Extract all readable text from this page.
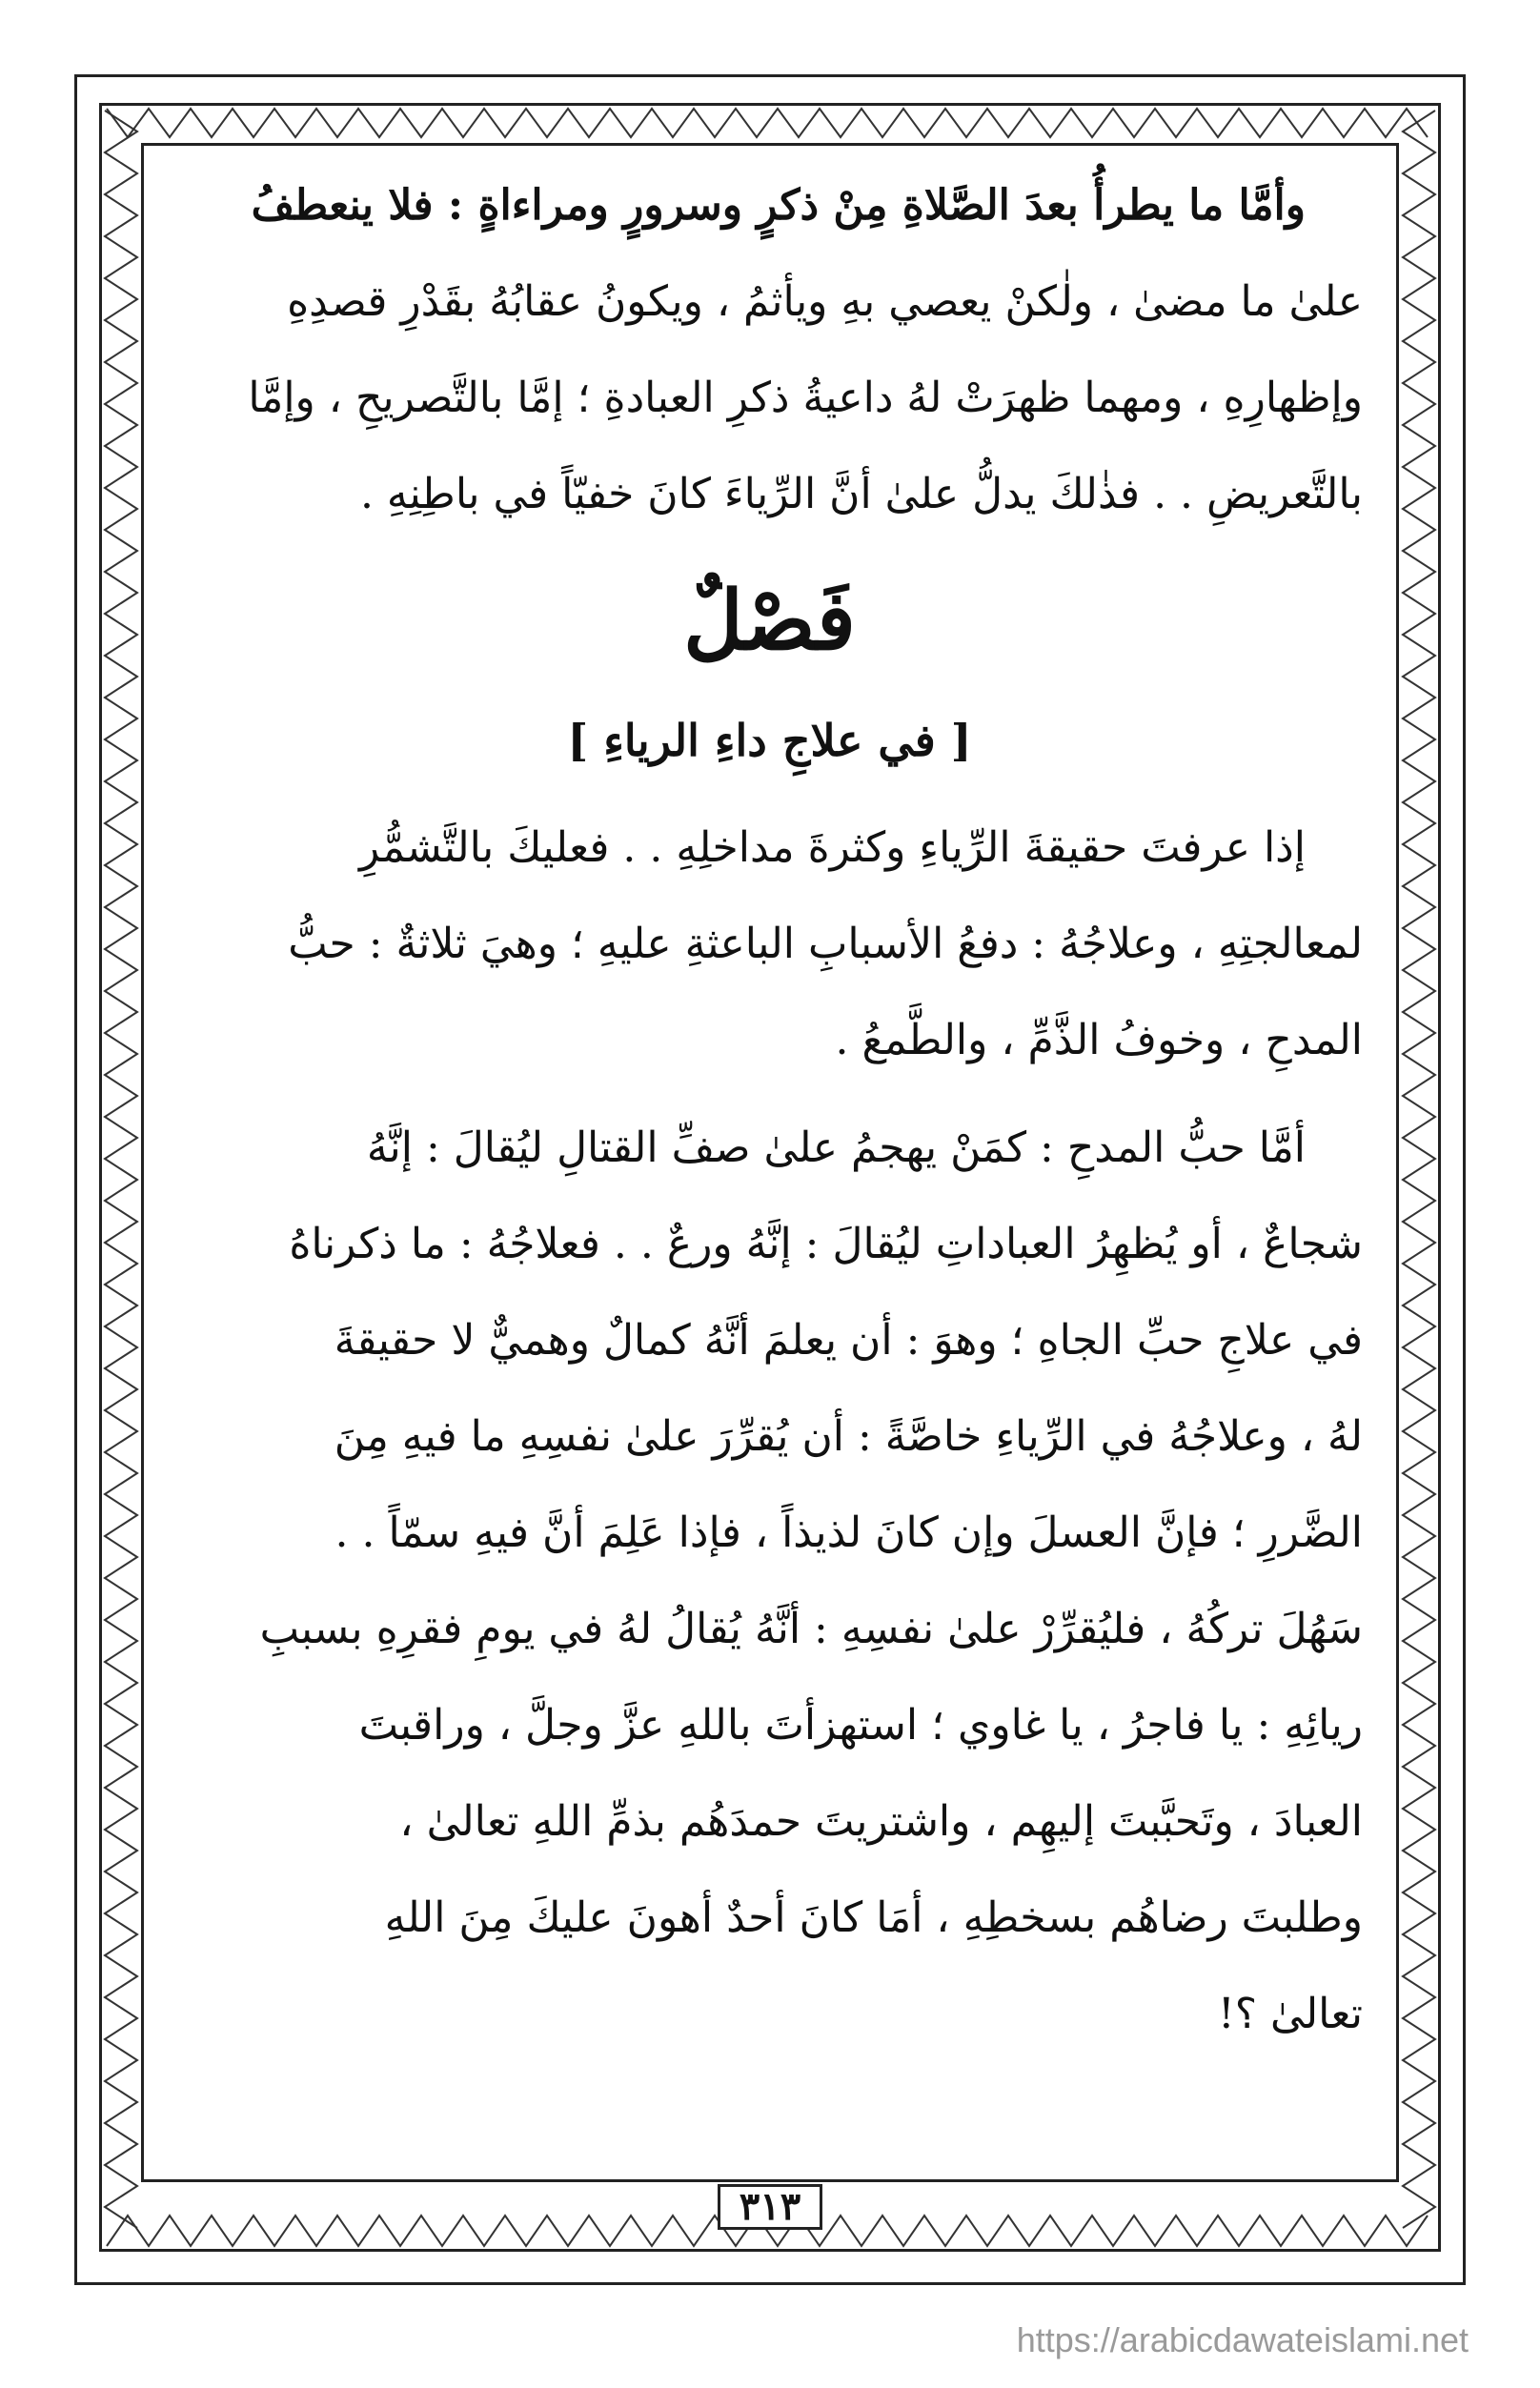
وأمَّا ما يطرأُ بعدَ الصَّلاةِ مِنْ ذكرٍ وسرورٍ ومراءاةٍ : فلا ينعطفُ

علىٰ ما مضىٰ ، ولٰكنْ يعصي بهِ ويأثمُ ، ويكونُ عقابُهُ بقَدْرِ قصدِهِ

وإظهارِهِ ، ومهما ظهرَتْ لهُ داعيةُ ذكرِ العبادةِ ؛ إمَّا بالتَّصريحِ ، وإمَّا

بالتَّعريضِ . . فذٰلكَ يدلُّ علىٰ أنَّ الرِّياءَ كانَ خفيّاً في باطِنِهِ .

فَصْلٌ

[ في علاجِ داءِ الرياءِ ]

إذا عرفتَ حقيقةَ الرِّياءِ وكثرةَ مداخلِهِ . . فعليكَ بالتَّشمُّرِ

لمعالجتِهِ ، وعلاجُهُ : دفعُ الأسبابِ الباعثةِ عليهِ ؛ وهيَ ثلاثةٌ : حبُّ

المدحِ ، وخوفُ الذَّمِّ ، والطَّمعُ .

أمَّا حبُّ المدحِ : كمَنْ يهجمُ علىٰ صفِّ القتالِ ليُقالَ : إنَّهُ

شجاعٌ ، أو يُظهِرُ العباداتِ ليُقالَ : إنَّهُ ورعٌ . . فعلاجُهُ : ما ذكرناهُ

في علاجِ حبِّ الجاهِ ؛ وهوَ : أن يعلمَ أنَّهُ كمالٌ وهميٌّ لا حقيقةَ

لهُ ، وعلاجُهُ في الرِّياءِ خاصَّةً : أن يُقرِّرَ علىٰ نفسِهِ ما فيهِ مِنَ

الضَّررِ ؛ فإنَّ العسلَ وإن كانَ لذيذاً ، فإذا عَلِمَ أنَّ فيهِ سمّاً . .

سَهُلَ تركُهُ ، فليُقرِّرْ علىٰ نفسِهِ : أنَّهُ يُقالُ لهُ في يومِ فقرِهِ بسببِ

ريائِهِ : يا فاجرُ ، يا غاوي ؛ استهزأتَ باللهِ عزَّ وجلَّ ، وراقبتَ

العبادَ ، وتَحبَّبتَ إليهِم ، واشتريتَ حمدَهُم بذمِّ اللهِ تعالىٰ ،

وطلبتَ رضاهُم بسخطِهِ ، أمَا كانَ أحدٌ أهونَ عليكَ مِنَ اللهِ

تعالىٰ ؟!

٣١٣
https://arabicdawateislami.net
